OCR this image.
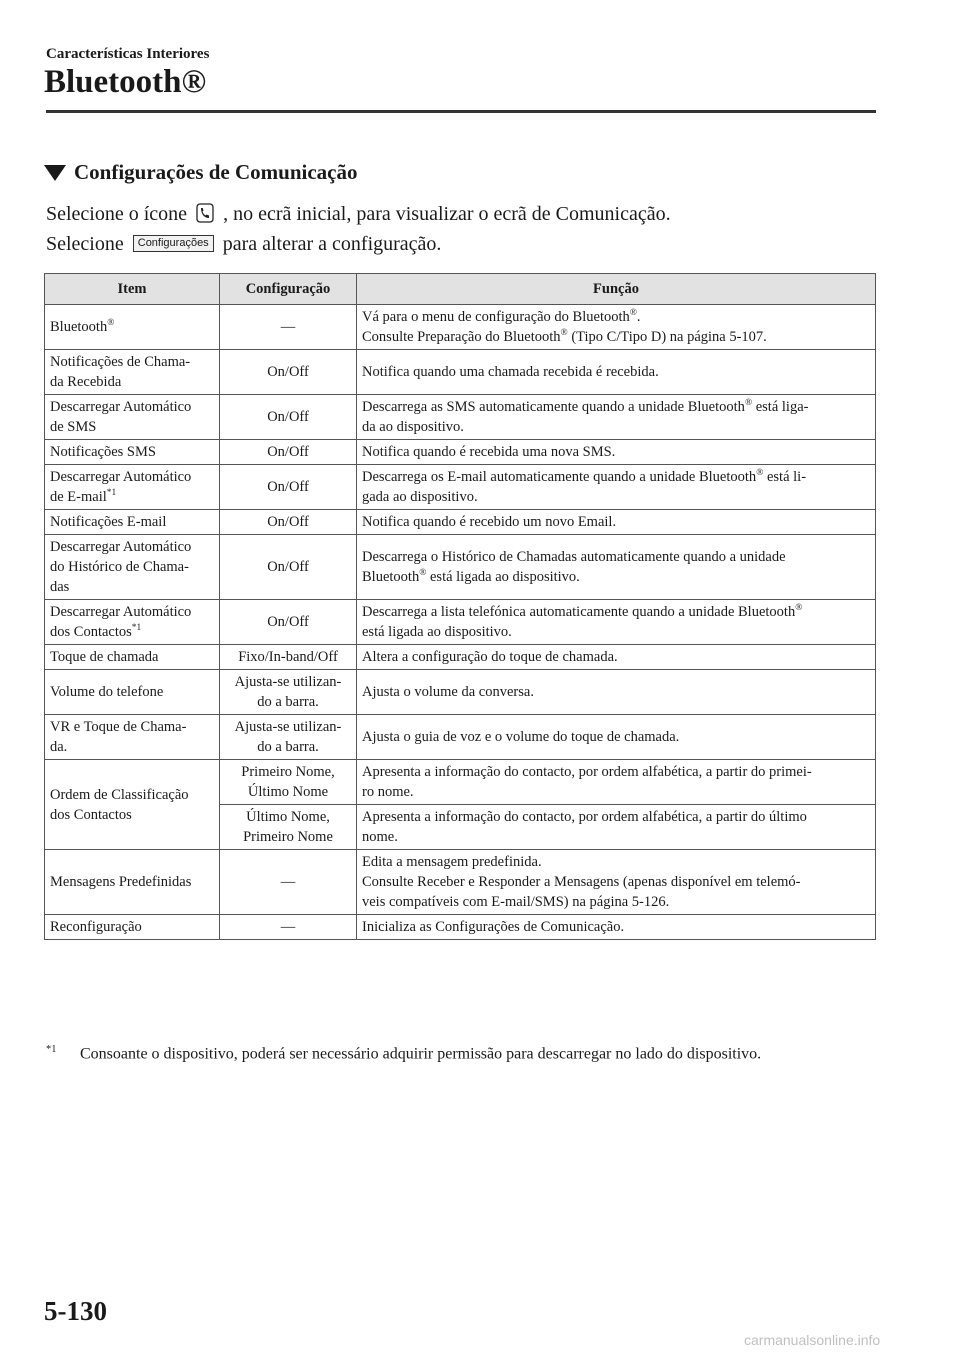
Características Interiores
Bluetooth®
Configurações de Comunicação
Selecione o ícone , no ecrã inicial, para visualizar o ecrã de Comunicação.
Selecione Configurações para alterar a configuração.
Item	Configuração	Função
Bluetooth®	—	Vá para o menu de configuração do Bluetooth®.
Consulte Preparação do Bluetooth® (Tipo C/Tipo D) na página 5-107.

Notificações de Chama-
da Recebida	On/Off	Notifica quando uma chamada recebida é recebida.

Descarregar Automático
de SMS	On/Off	Descarrega as SMS automaticamente quando a unidade Bluetooth® está liga-
da ao dispositivo.

Notificações SMS	On/Off	Notifica quando é recebida uma nova SMS.

Descarregar Automático
de E-mail$^{*1}$	On/Off	Descarrega os E-mail automaticamente quando a unidade Bluetooth® está li-
gada ao dispositivo.

Notificações E-mail	On/Off	Notifica quando é recebido um novo Email.

Descarregar Automático
do Histórico de Chama-
das	On/Off	Descarrega o Histórico de Chamadas automaticamente quando a unidade
Bluetooth® está ligada ao dispositivo.

Descarregar Automático
dos Contactos$^{*1}$	On/Off	Descarrega a lista telefónica automaticamente quando a unidade Bluetooth®
está ligada ao dispositivo.

Toque de chamada	Fixo/In-band/Off	Altera a configuração do toque de chamada.

Volume do telefone	Ajusta-se utilizan-
do a barra.	Ajusta o volume da conversa.

VR e Toque de Chama-
da.	Ajusta-se utilizan-
do a barra.	Ajusta o guia de voz e o volume do toque de chamada.

Ordem de Classificação
dos Contactos	Primeiro Nome,
Último Nome	Apresenta a informação do contacto, por ordem alfabética, a partir do primei-
ro nome.
	Último Nome,
Primeiro Nome	Apresenta a informação do contacto, por ordem alfabética, a partir do último
nome.
Mensagens Predefinidas	—	Edita a mensagem predefinida.
Consulte Receber e Responder a Mensagens (apenas disponível em telemó-
veis compatíveis com E-mail/SMS) na página 5-126.

Reconfiguração	—	Inicializa as Configurações de Comunicação.
$^{*1}$ Consoante o dispositivo, poderá ser necessário adquirir permissão para descarregar no lado do dispositivo.
5-130
carmanualsonline.info
